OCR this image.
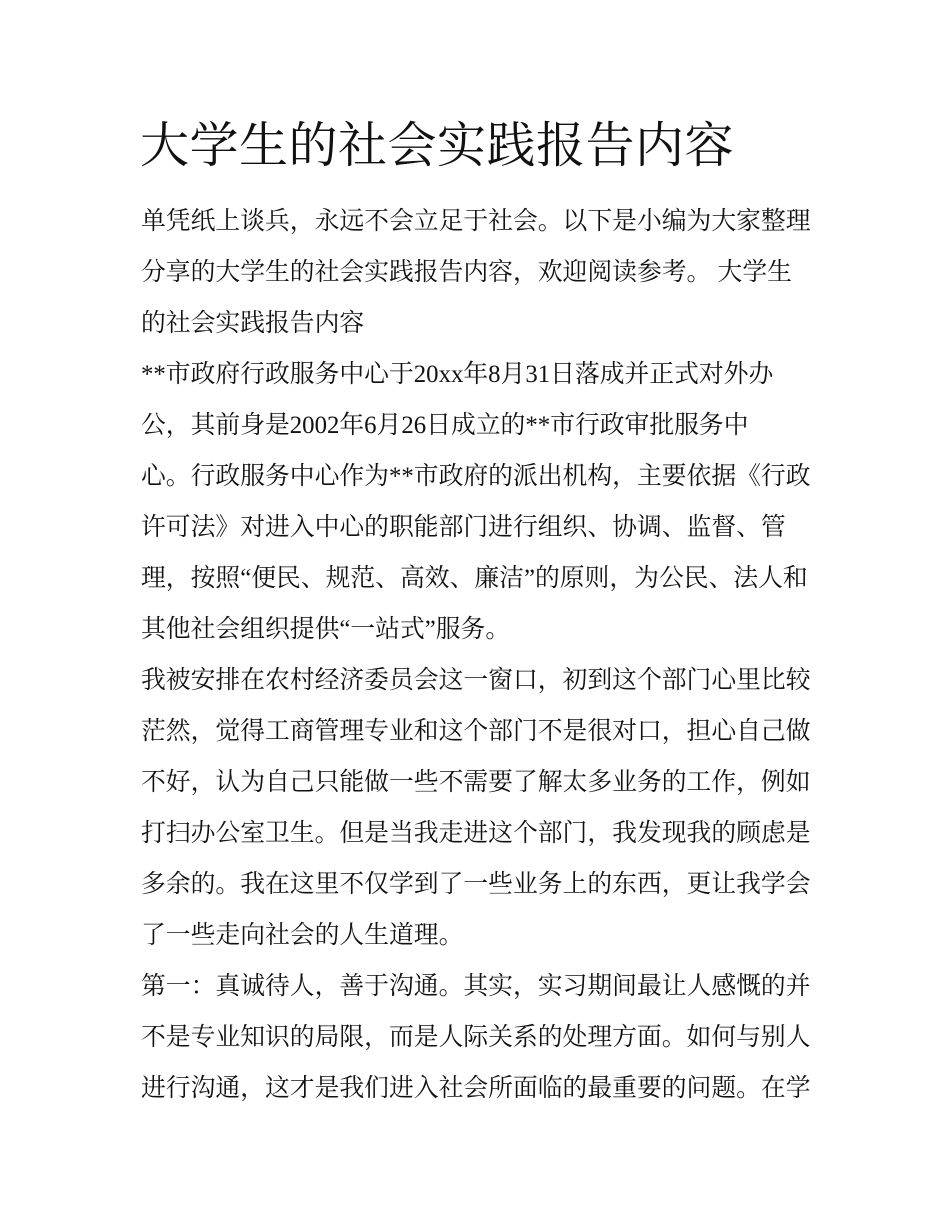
大学生的社会实践报告内容
单凭纸上谈兵，永远不会立足于社会。以下是小编为大家整理
分享的大学生的社会实践报告内容，欢迎阅读参考。 大学生
的社会实践报告内容
**市政府行政服务中心于20xx年8月31日落成并正式对外办
公，其前身是2002年6月26日成立的**市行政审批服务中
心。行政服务中心作为**市政府的派出机构，主要依据《行政
许可法》对进入中心的职能部门进行组织、协调、监督、管
理，按照“便民、规范、高效、廉洁”的原则，为公民、法人和
其他社会组织提供“一站式”服务。
我被安排在农村经济委员会这一窗口，初到这个部门心里比较
茫然，觉得工商管理专业和这个部门不是很对口，担心自己做
不好，认为自己只能做一些不需要了解太多业务的工作，例如
打扫办公室卫生。但是当我走进这个部门，我发现我的顾虑是
多余的。我在这里不仅学到了一些业务上的东西，更让我学会
了一些走向社会的人生道理。
第一：真诚待人，善于沟通。其实，实习期间最让人感慨的并
不是专业知识的局限，而是人际关系的处理方面。如何与别人
进行沟通，这才是我们进入社会所面临的最重要的问题。在学
